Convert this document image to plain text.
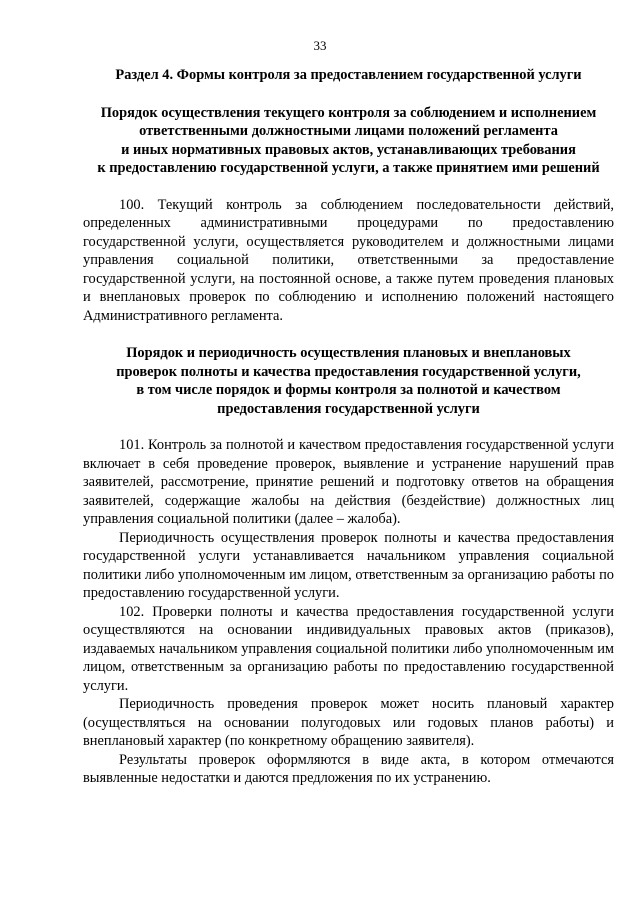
33

Раздел 4. Формы контроля за предоставлением государственной услуги

Порядок осуществления текущего контроля за соблюдением и исполнением
ответственными должностными лицами положений регламента
и иных нормативных правовых актов, устанавливающих требования
к предоставлению государственной услуги, а также принятием ими решений

100. Текущий контроль за соблюдением последовательности действий, определенных административными процедурами по предоставлению государственной услуги, осуществляется руководителем и должностными лицами управления социальной политики, ответственными за предоставление государственной услуги, на постоянной основе, а также путем проведения плановых и внеплановых проверок по соблюдению и исполнению положений настоящего Административного регламента.

Порядок и периодичность осуществления плановых и внеплановых
проверок полноты и качества предоставления государственной услуги,
в том числе порядок и формы контроля за полнотой и качеством
предоставления государственной услуги

101. Контроль за полнотой и качеством предоставления государственной услуги включает в себя проведение проверок, выявление и устранение нарушений прав заявителей, рассмотрение, принятие решений и подготовку ответов на обращения заявителей, содержащие жалобы на действия (бездействие) должностных лиц управления социальной политики (далее – жалоба).

Периодичность осуществления проверок полноты и качества предоставления государственной услуги устанавливается начальником управления социальной политики либо уполномоченным им лицом, ответственным за организацию работы по предоставлению государственной услуги.

102. Проверки полноты и качества предоставления государственной услуги осуществляются на основании индивидуальных правовых актов (приказов), издаваемых начальником управления социальной политики либо уполномоченным им лицом, ответственным за организацию работы по предоставлению государственной услуги.

Периодичность проведения проверок может носить плановый характер (осуществляться на основании полугодовых или годовых планов работы) и внеплановый характер (по конкретному обращению заявителя).

Результаты проверок оформляются в виде акта, в котором отмечаются выявленные недостатки и даются предложения по их устранению.
